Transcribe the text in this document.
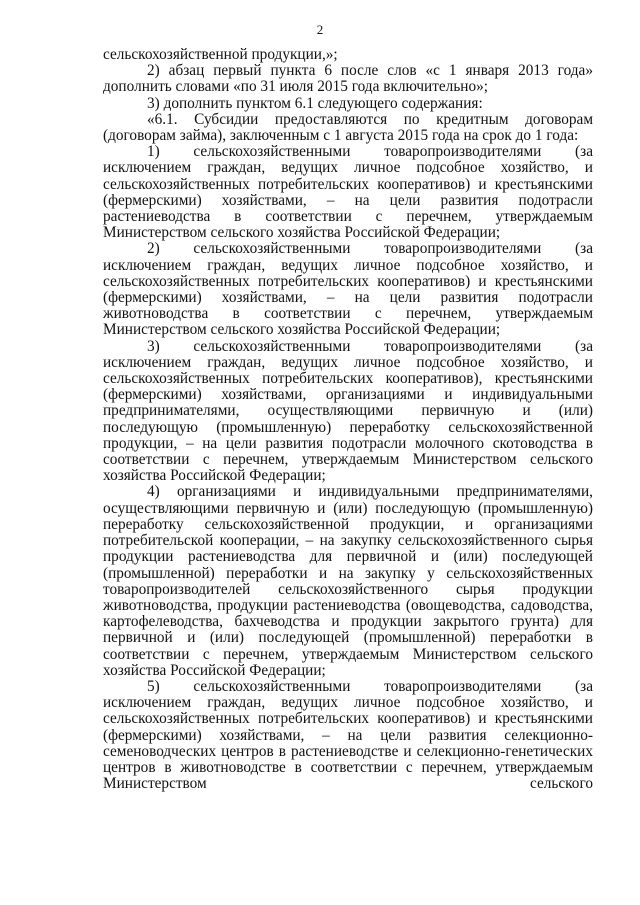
2

сельскохозяйственной продукции,»;

2) абзац первый пункта 6 после слов «с 1 января 2013 года» дополнить словами «по 31 июля 2015 года включительно»;

3) дополнить пунктом 6.1 следующего содержания:

«6.1. Субсидии предоставляются по кредитным договорам (договорам займа), заключенным с 1 августа 2015 года на срок до 1 года:

1) сельскохозяйственными товаропроизводителями (за исключением граждан, ведущих личное подсобное хозяйство, и сельскохозяйственных потребительских кооперативов) и крестьянскими (фермерскими) хозяйствами, – на цели развития подотрасли растениеводства в соответствии с перечнем, утверждаемым Министерством сельского хозяйства Российской Федерации;

2) сельскохозяйственными товаропроизводителями (за исключением граждан, ведущих личное подсобное хозяйство, и сельскохозяйственных потребительских кооперативов) и крестьянскими (фермерскими) хозяйствами, – на цели развития подотрасли животноводства в соответствии с перечнем, утверждаемым Министерством сельского хозяйства Российской Федерации;

3) сельскохозяйственными товаропроизводителями (за исключением граждан, ведущих личное подсобное хозяйство, и сельскохозяйственных потребительских кооперативов), крестьянскими (фермерскими) хозяйствами, организациями и индивидуальными предпринимателями, осуществляющими первичную и (или) последующую (промышленную) переработку сельскохозяйственной продукции, – на цели развития подотрасли молочного скотоводства в соответствии с перечнем, утверждаемым Министерством сельского хозяйства Российской Федерации;

4) организациями и индивидуальными предпринимателями, осуществляющими первичную и (или) последующую (промышленную) переработку сельскохозяйственной продукции, и организациями потребительской кооперации, – на закупку сельскохозяйственного сырья продукции растениеводства для первичной и (или) последующей (промышленной) переработки и на закупку у сельскохозяйственных товаропроизводителей сельскохозяйственного сырья продукции животноводства, продукции растениеводства (овощеводства, садоводства, картофелеводства, бахчеводства и продукции закрытого грунта) для первичной и (или) последующей (промышленной) переработки в соответствии с перечнем, утверждаемым Министерством сельского хозяйства Российской Федерации;

5) сельскохозяйственными товаропроизводителями (за исключением граждан, ведущих личное подсобное хозяйство, и сельскохозяйственных потребительских кооперативов) и крестьянскими (фермерскими) хозяйствами, – на цели развития селекционно-семеноводческих центров в растениеводстве и селекционно-генетических центров в животноводстве в соответствии с перечнем, утверждаемым Министерством сельского
